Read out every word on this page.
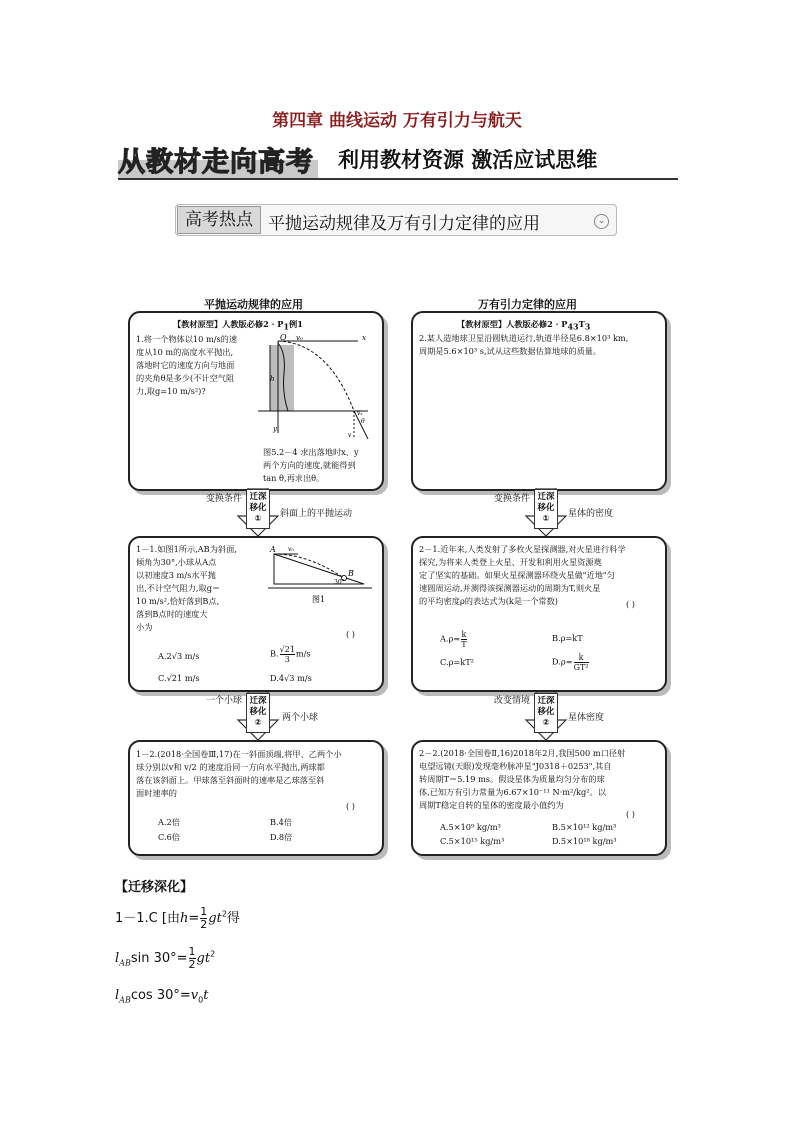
第四章 曲线运动 万有引力与航天
从教材走向高考 利用教材资源 激活应试思维
高考热点 平抛运动规律及万有引力定律的应用	⌄
平抛运动规律的应用	万有引力定律的应用
【教材原型】人教版必修$2 \cdot P_1$例1
1.将一个物体以10 m/s的速
度从10 m的高度水平抛出,
落地时它的速度方向与地面
的夹角θ是多少(不计空气阻
力,取g=10 m/s²)?
O v₀	x
h
y
vₓ
v
θ
图5.2－4 求出落地时x、y
两个方向的速度,就能得到
tan θ,再求出θ。
变换条件 迁深
移化
①	斜面上的平抛运动
1－1.如图1所示,AB为斜面,
倾角为30°,小球从A点
以初速度3 m/s水平抛
出,不计空气阻力,取g＝
10 m/s²,恰好落到B点,
落到B点时的速度大
小为
A
B
v₀
30°
图1
( )
A.2√3 m/s	B. $\frac{√21}{3} m/s$
C.√21 m/s	D.4√3 m/s
一个小球 迁深
移化
②	两个小球
1－2.(2018·全国卷Ⅲ,17)在一斜面顶端,将甲、乙两个小
球分别以v和 v/2 的速度沿同一方向水平抛出,两球都
落在该斜面上。甲球落至斜面时的速率是乙球落至斜
面时速率的
( )
A.2倍	B.4倍
C.6倍	D.8倍
【教材原型】人教版必修$2 \cdot P_{43}T_3$
2.某人造地球卫星沿圆轨道运行,轨道半径是6.8×10³ km,
周期是5.6×10³ s,试从这些数据估算地球的质量。
变换条件 迁深
移化
①	星体的密度
2－1.近年来,人类发射了多枚火星探测器,对火星进行科学
探究,为将来人类登上火星、开发和利用火星资源奠
定了坚实的基础。如果火星探测器环绕火星做"近地"匀
速圆周运动,并测得该探测器运动的周期为T,则火星
的平均密度ρ的表达式为(k是一个常数)	( )
$A.\rho= \frac{k}{T}$	B.ρ=kT
C.ρ=kT²	$D.\rho= \frac{k}{\text{GT²}}$
改变情境 迁深
移化
②	星体密度
2－2.(2018·全国卷Ⅱ,16)2018年2月,我国500 m口径射
电望远镜(天眼)发现毫秒脉冲星"J0318＋0253",其自
转周期T＝5.19 ms。假设星体为质量均匀分布的球
体,已知万有引力常量为6.67×10⁻¹¹ N·m²/kg²。以
周期T稳定自转的星体的密度最小值约为
( )
A.5×10⁹ kg/m³	B.5×10¹² kg/m³
C.5×10¹⁵ kg/m³	D.5×10¹⁸ kg/m³
【迁移深化】
1－1.C [由$h= \frac{1}{2} gt^2$得
$l_{AB}\sin$ $30^\circ= \frac{1}{2} gt^2$
$l_{AB}\cos$ $30^\circ=v_0t$
